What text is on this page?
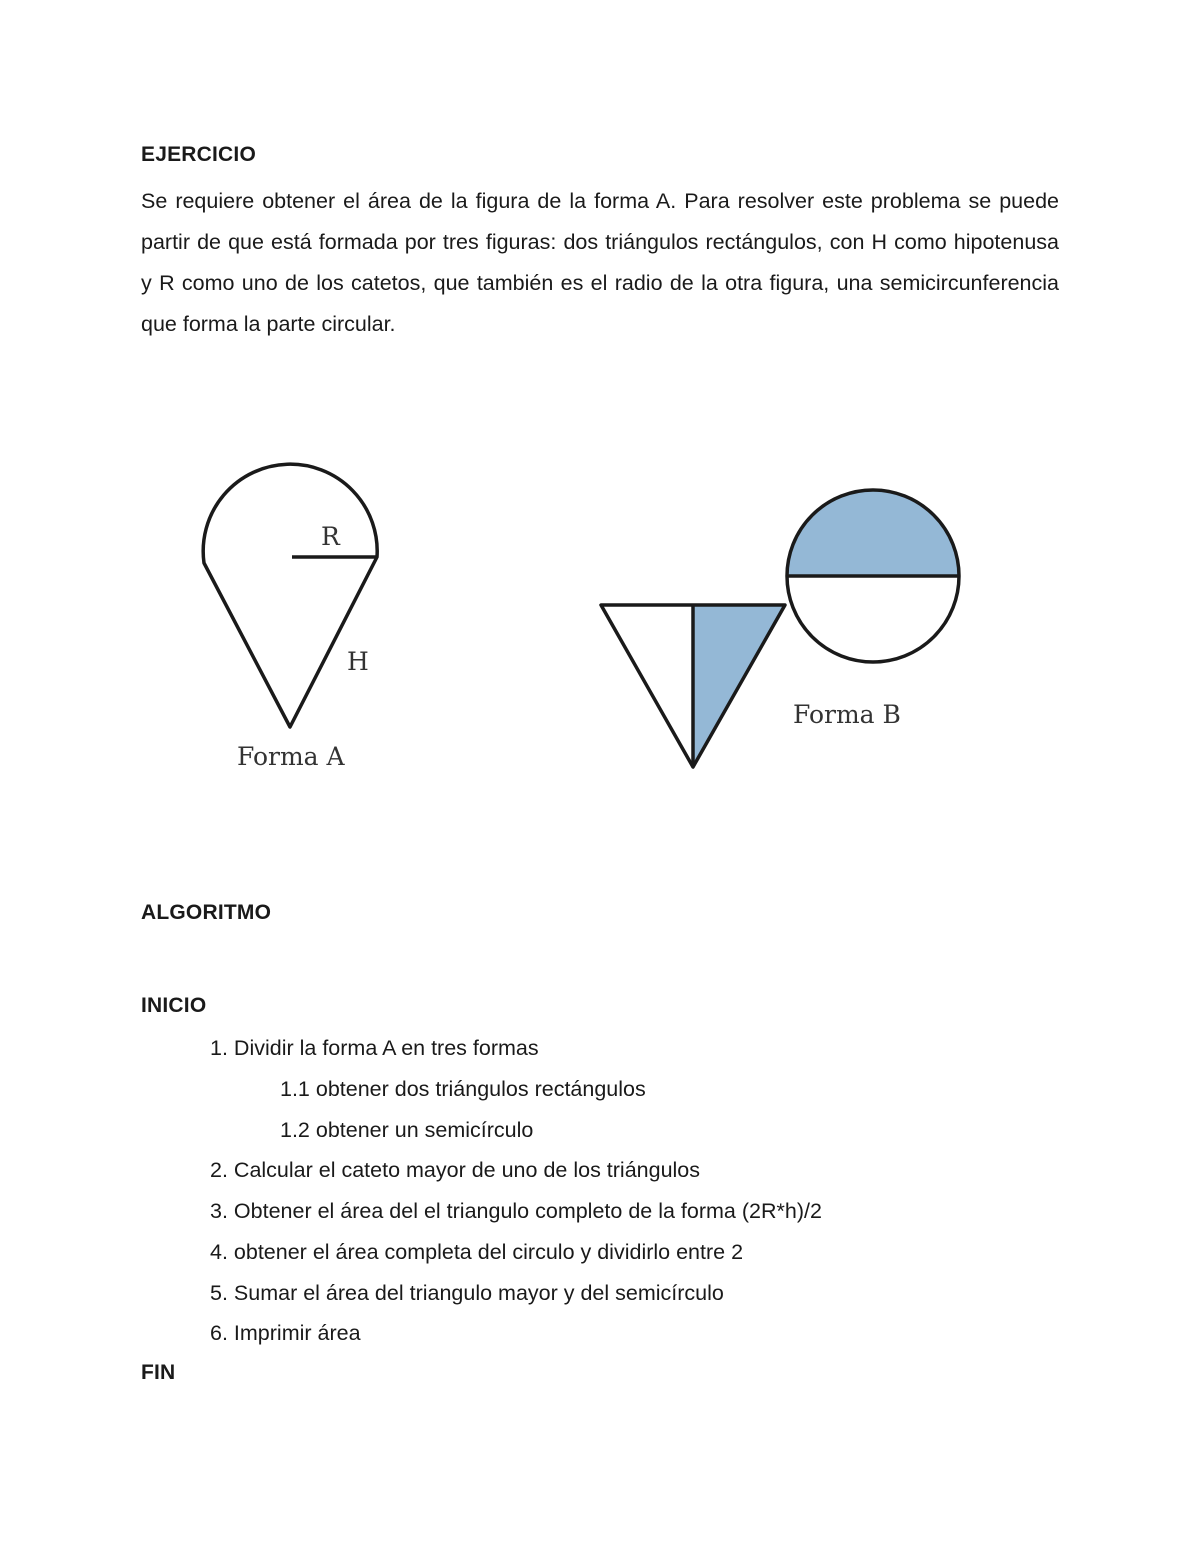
EJERCICIO

Se requiere obtener el área de la figura de la forma A. Para resolver este problema se puede partir de que está formada por tres figuras: dos triángulos rectángulos, con H como hipotenusa y R como uno de los catetos, que también es el radio de la otra figura, una semicircunferencia que forma la parte circular.

R
H
Forma A
Forma B
ALGORITMO
INICIO
1. Dividir la forma A en tres formas
1.1 obtener dos triángulos rectángulos
1.2 obtener un semicírculo
2. Calcular el cateto mayor de uno de los triángulos
3. Obtener el área del el triangulo completo de la forma (2R*h)/2
4. obtener el área completa del circulo y dividirlo entre 2
5. Sumar el área del triangulo mayor y del semicírculo
6. Imprimir área
FIN
